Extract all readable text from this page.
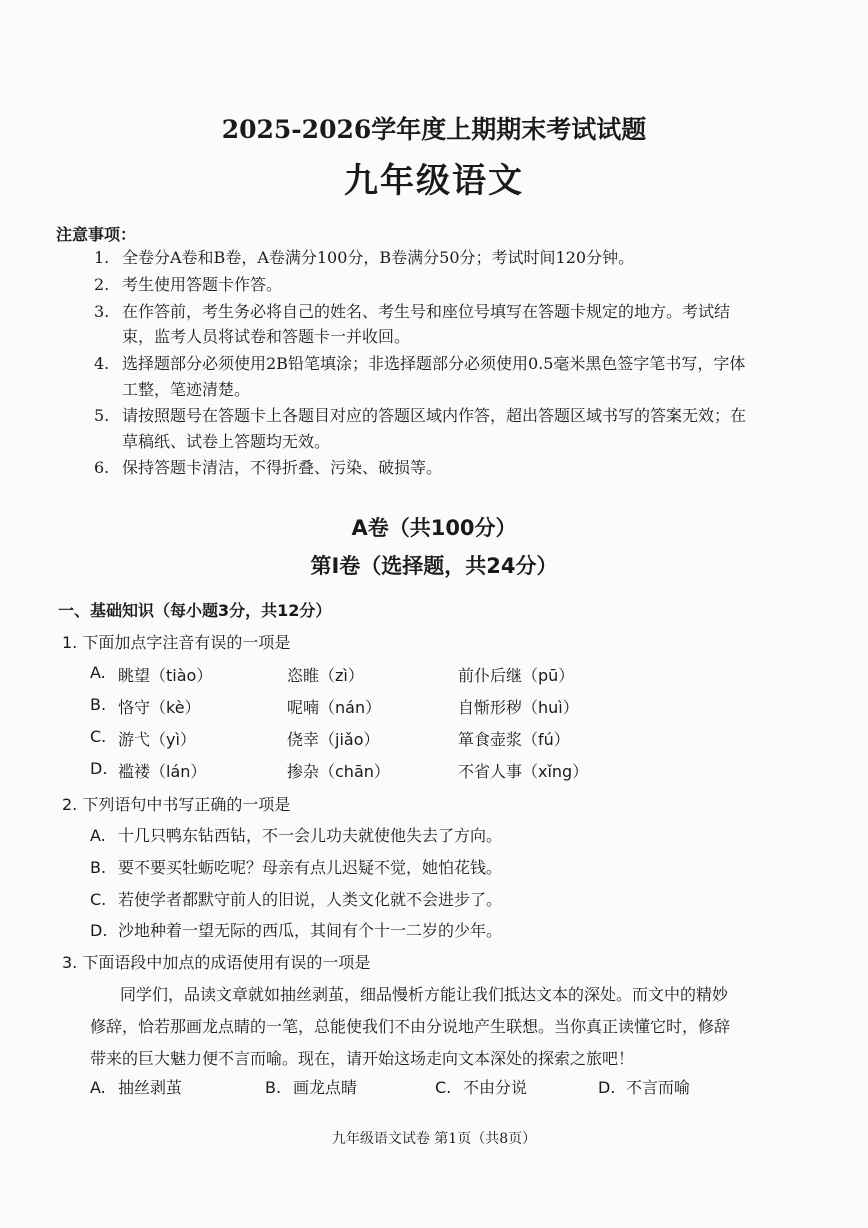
2025-2026学年度上期期末考试试题
九年级语文
注意事项：
1. 全卷分A卷和B卷，A卷满分100分，B卷满分50分；考试时间120分钟。
2. 考生使用答题卡作答。
3. 在作答前，考生务必将自己的姓名、考生号和座位号填写在答题卡规定的地方。考试结
束，监考人员将试卷和答题卡一并收回。
4. 选择题部分必须使用2B铅笔填涂；非选择题部分必须使用0.5毫米黑色签字笔书写，字体
工整，笔迹清楚。
5. 请按照题号在答题卡上各题目对应的答题区域内作答，超出答题区域书写的答案无效；在
草稿纸、试卷上答题均无效。
6. 保持答题卡清洁，不得折叠、污染、破损等。
A卷（共100分）
第Ⅰ卷（选择题，共24分）
一、基础知识（每小题3分，共12分）
1. 下面加点字注音有误的一项是
A. 眺望（tiào）	恣睢（zì）	前仆后继（pū）
B. 恪守（kè）	呢喃（nán）	自惭形秽（huì）
C. 游弋（yì）	侥幸（jiǎo）	箪食壶浆（fú）
D. 褴褛（lán）	掺杂（chān）	不省人事（xǐng）
2. 下列语句中书写正确的一项是
A. 十几只鸭东钻西钻，不一会儿功夫就使他失去了方向。
B. 要不要买牡蛎吃呢？母亲有点儿迟疑不觉，她怕花钱。
C. 若使学者都默守前人的旧说，人类文化就不会进步了。
D. 沙地种着一望无际的西瓜，其间有个十一二岁的少年。
3. 下面语段中加点的成语使用有误的一项是
同学们，品读文章就如抽丝剥茧，细品慢析方能让我们抵达文本的深处。而文中的精妙
修辞，恰若那画龙点睛的一笔，总能使我们不由分说地产生联想。当你真正读懂它时，修辞
带来的巨大魅力便不言而喻。现在，请开始这场走向文本深处的探索之旅吧！
A. 抽丝剥茧	B. 画龙点睛	C. 不由分说	D. 不言而喻
九年级语文试卷 第1页（共8页）
